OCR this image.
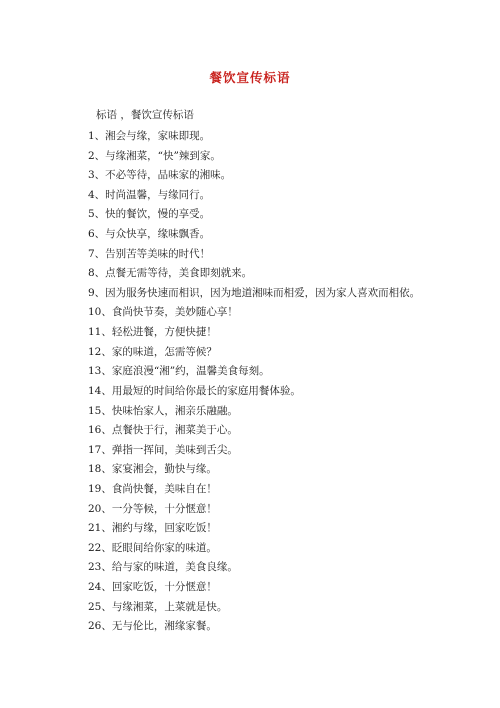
餐饮宣传标语
标语 ，餐饮宣传标语
1、湘会与缘，家味即现。
2、与缘湘菜，“快”辣到家。
3、不必等待，品味家的湘味。
4、时尚温馨，与缘同行。
5、快的餐饮，慢的享受。
6、与众快享，缘味飘香。
7、告别苦等美味的时代！
8、点餐无需等待，美食即刻就来。
9、因为服务快速而相识，因为地道湘味而相爱，因为家人喜欢而相依。
10、食尚快节奏，美妙随心享！
11、轻松进餐，方便快捷！
12、家的味道，怎需等候？
13、家庭浪漫“湘”约，温馨美食每刻。
14、用最短的时间给你最长的家庭用餐体验。
15、快味怡家人，湘亲乐融融。
16、点餐快于行，湘菜美于心。
17、弹指一挥间，美味到舌尖。
18、家宴湘会，勤快与缘。
19、食尚快餐，美味自在！
20、一分等候，十分惬意！
21、湘约与缘，回家吃饭！
22、眨眼间给你家的味道。
23、给与家的味道，美食良缘。
24、回家吃饭，十分惬意！
25、与缘湘菜，上菜就是快。
26、无与伦比，湘缘家餐。
